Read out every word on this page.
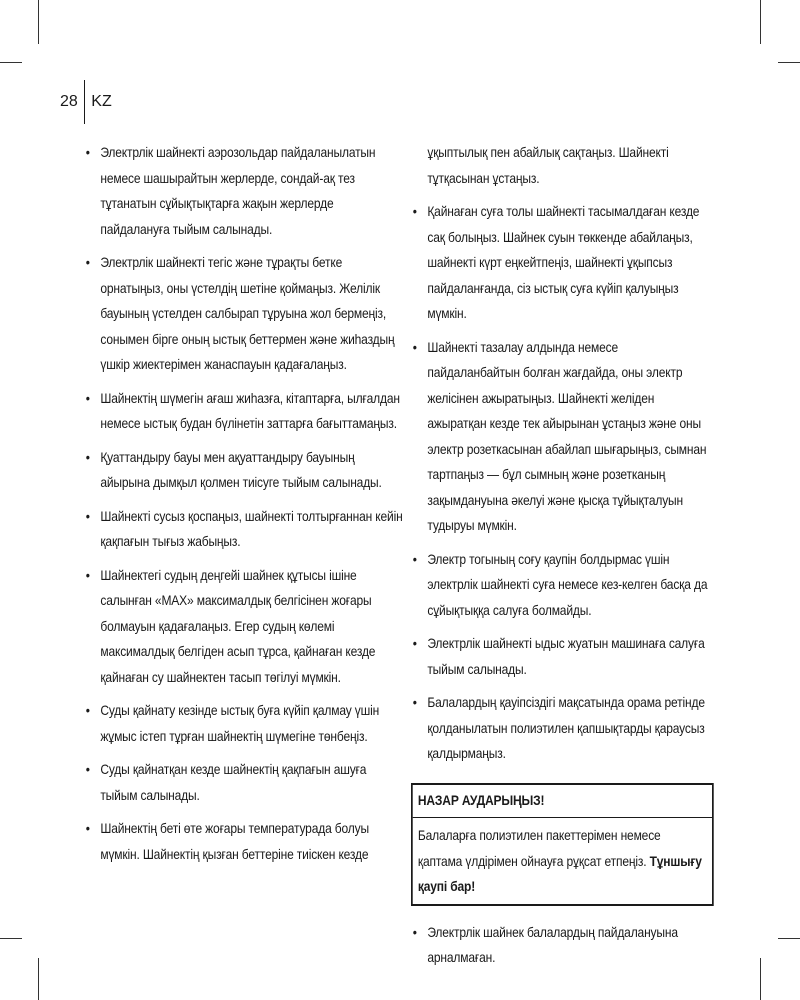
28 KZ
• Электрлік шайнекті аэрозольдар пайдаланылатын немесе шашырайтын жерлерде, сондай-ақ тез тұтанатын сұйықтықтарға жақын жерлерде пайдалануға тыйым салынады.
• Электрлік шайнекті тегіс және тұрақты бетке орнатыңыз, оны үстелдің шетіне қоймаңыз. Желілік бауының үстелден салбырап тұруына жол бермеңіз, сонымен бірге оның ыстық беттермен және жиһаздың үшкір жиектерімен жанаспауын қадағалаңыз.
• Шайнектің шүмегін ағаш жиһазға, кітаптарға, ылғалдан немесе ыстық будан бүлінетін заттарға бағыттамаңыз.
• Қуаттандыру бауы мен ақуаттандыру бауының айырына дымқыл қолмен тиісуге тыйым салынады.
• Шайнекті сусыз қоспаңыз, шайнекті толтырғаннан кейін қақпағын тығыз жабыңыз.
• Шайнектегі судың деңгейі шайнек құтысы ішіне салынған «MAX» максималдық белгісінен жоғары болмауын қадағалаңыз. Егер судың көлемі максималдық белгіден асып тұрса, қайнаған кезде қайнаған су шайнектен тасып төгілуі мүмкін.
• Суды қайнату кезінде ыстық буға күйіп қалмау үшін жұмыс істеп тұрған шайнектің шүмегіне төнбеңіз.
• Суды қайнатқан кезде шайнектің қақпағын ашуға тыйым салынады.
• Шайнектің беті өте жоғары температурада болуы мүмкін. Шайнектің қызған беттеріне тиіскен кезде

ұқыптылық пен абайлық сақтаңыз. Шайнекті тұтқасынан ұстаңыз.

• Қайнаған суға толы шайнекті тасымалдаған кезде сақ болыңыз. Шайнек суын төккенде абайлаңыз, шайнекті күрт еңкейтпеңіз, шайнекті ұқыпсыз пайдаланғанда, сіз ыстық суға күйіп қалуыңыз мүмкін.
• Шайнекті тазалау алдында немесе пайдаланбайтын болған жағдайда, оны электр желісінен ажыратыңыз. Шайнекті желіден ажыратқан кезде тек айырынан ұстаңыз және оны электр розеткасынан абайлап шығарыңыз, сымнан тартпаңыз — бұл сымның және розетканың зақымдануына әкелуі және қысқа тұйықталуын тудыруы мүмкін.
• Электр тогының соғу қаупін болдырмас үшін электрлік шайнекті суға немесе кез-келген басқа да сұйықтыққа салуға болмайды.
• Электрлік шайнекті ыдыс жуатын машинаға салуға тыйым салынады.
• Балалардың қауіпсіздігі мақсатында орама ретінде қолданылатын полиэтилен қапшықтарды қараусыз қалдырмаңыз.
НАЗАР АУДАРЫҢЫЗ!
Балаларға полиэтилен пакеттерімен немесе қаптама үлдірімен ойнауға рұқсат етпеңіз. Тұншығу қаупі бар!
• Электрлік шайнек балалардың пайдалануына арналмаған.
